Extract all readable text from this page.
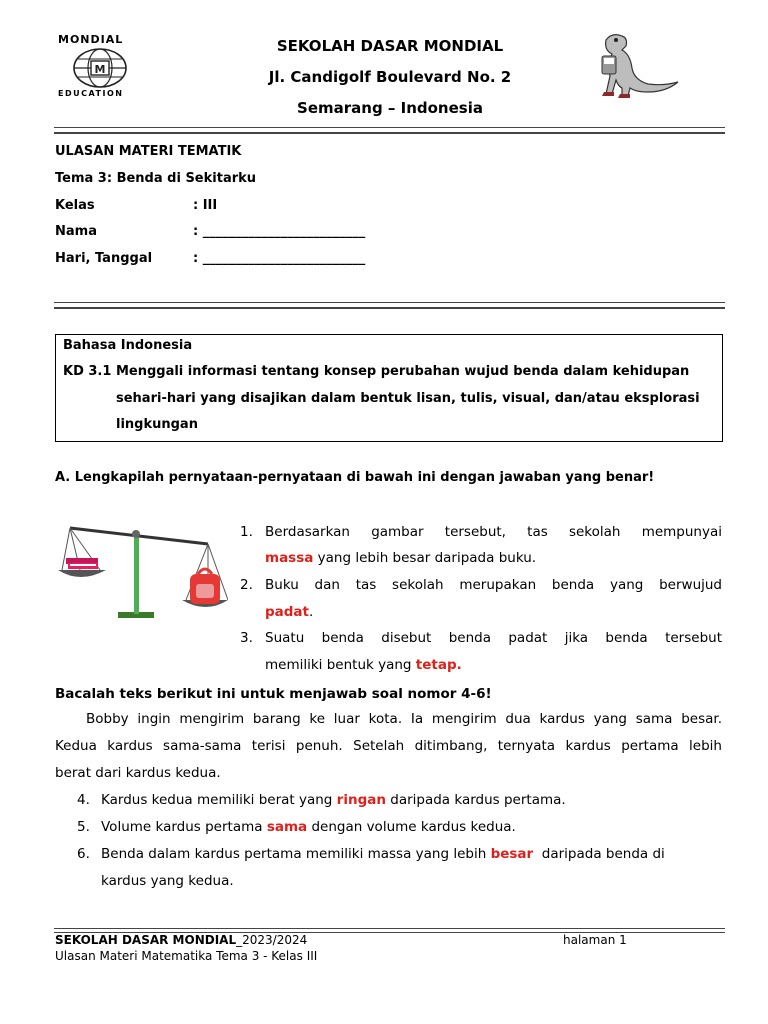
MONDIAL
M
EDUCATION
SEKOLAH DASAR MONDIAL
Jl. Candigolf Boulevard No. 2
Semarang – Indonesia
ULASAN MATERI TEMATIK
Tema 3: Benda di Sekitarku
Kelas	: III
Nama	: _________________________
Hari, Tanggal	: _________________________
Bahasa Indonesia
KD 3.1 Menggali informasi tentang konsep perubahan wujud benda dalam kehidupan
sehari-hari yang disajikan dalam bentuk lisan, tulis, visual, dan/atau eksplorasi
lingkungan
A. Lengkapilah pernyataan-pernyataan di bawah ini dengan jawaban yang benar!
1. Berdasarkan gambar tersebut, tas sekolah mempunyai
massa yang lebih besar daripada buku.
2. Buku dan tas sekolah merupakan benda yang berwujud
padat.
3. Suatu benda disebut benda padat jika benda tersebut
memiliki bentuk yang tetap.
Bacalah teks berikut ini untuk menjawab soal nomor 4-6!
Bobby ingin mengirim barang ke luar kota. Ia mengirim dua kardus yang sama besar.
Kedua kardus sama-sama terisi penuh. Setelah ditimbang, ternyata kardus pertama lebih
berat dari kardus kedua.
4. Kardus kedua memiliki berat yang ringan daripada kardus pertama.
5. Volume kardus pertama sama dengan volume kardus kedua.
6. Benda dalam kardus pertama memiliki massa yang lebih besar  daripada benda di
kardus yang kedua.
SEKOLAH DASAR MONDIAL_2023/2024	halaman 1
Ulasan Materi Matematika Tema 3 - Kelas III
